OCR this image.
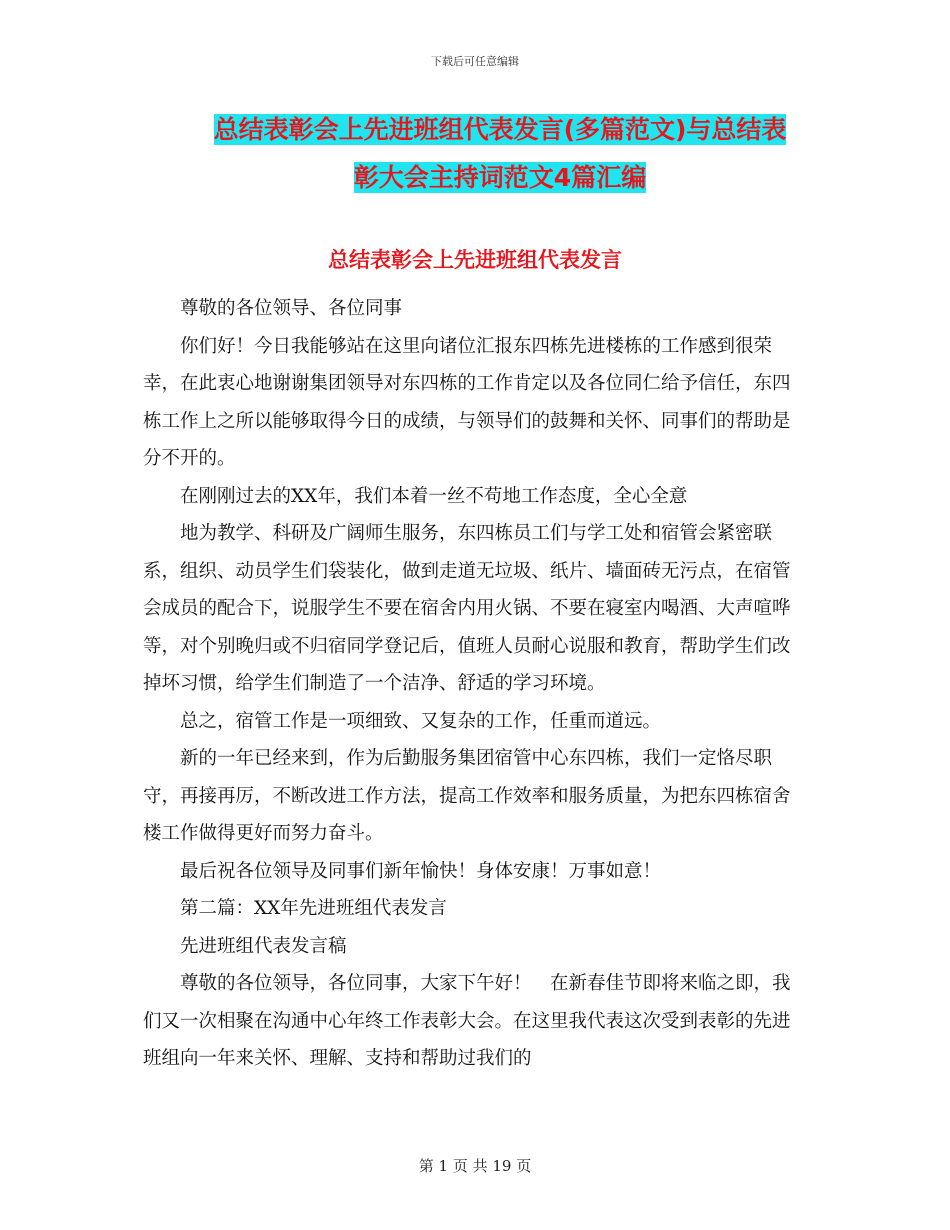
下载后可任意编辑
总结表彰会上先进班组代表发言(多篇范文)与总结表
彰大会主持词范文4篇汇编
总结表彰会上先进班组代表发言

尊敬的各位领导、各位同事

你们好！今日我能够站在这里向诸位汇报东四栋先进楼栋的工作感到很荣幸，在此衷心地谢谢集团领导对东四栋的工作肯定以及各位同仁给予信任，东四栋工作上之所以能够取得今日的成绩，与领导们的鼓舞和关怀、同事们的帮助是分不开的。

在刚刚过去的XX年，我们本着一丝不苟地工作态度，全心全意

地为教学、科研及广阔师生服务，东四栋员工们与学工处和宿管会紧密联系，组织、动员学生们袋装化，做到走道无垃圾、纸片、墙面砖无污点，在宿管会成员的配合下，说服学生不要在宿舍内用火锅、不要在寝室内喝酒、大声喧哗等，对个别晚归或不归宿同学登记后，值班人员耐心说服和教育，帮助学生们改掉坏习惯，给学生们制造了一个洁净、舒适的学习环境。

总之，宿管工作是一项细致、又复杂的工作，任重而道远。

新的一年已经来到，作为后勤服务集团宿管中心东四栋，我们一定恪尽职守，再接再厉，不断改进工作方法，提高工作效率和服务质量，为把东四栋宿舍楼工作做得更好而努力奋斗。

最后祝各位领导及同事们新年愉快！身体安康！万事如意！

第二篇：XX年先进班组代表发言

先进班组代表发言稿

尊敬的各位领导，各位同事，大家下午好！　在新春佳节即将来临之即，我们又一次相聚在沟通中心年终工作表彰大会。在这里我代表这次受到表彰的先进班组向一年来关怀、理解、支持和帮助过我们的

第 1 页 共 19 页
